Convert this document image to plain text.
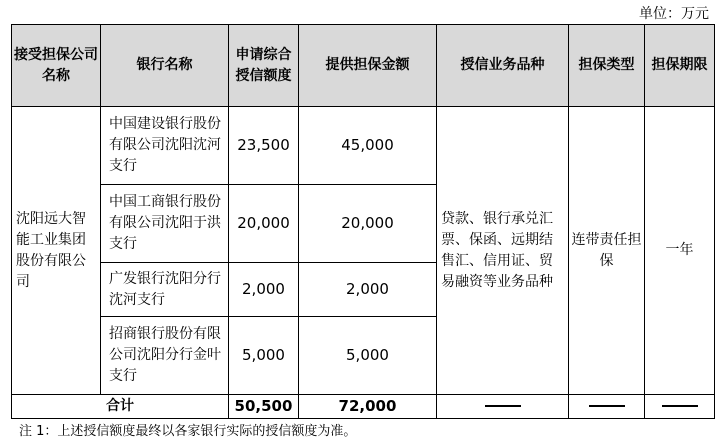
单位：万元
接受担保公司名称	银行名称	申请综合授信额度	提供担保金额	授信业务品种	担保类型	担保期限
沈阳远大智能工业集团股份有限公司	中国建设银行股份有限公司沈阳沈河支行	23,500	45,000	贷款、银行承兑汇票、保函、远期结售汇、信用证、贸易融资等业务品种	连带责任担保	一年
	中国工商银行股份有限公司沈阳于洪支行	20,000	20,000			
	广发银行沈阳分行沈河支行	2,000	2,000			
	招商银行股份有限公司沈阳分行金叶支行	5,000	5,000			
合计		50,500	72,000			
注 1：上述授信额度最终以各家银行实际的授信额度为准。
